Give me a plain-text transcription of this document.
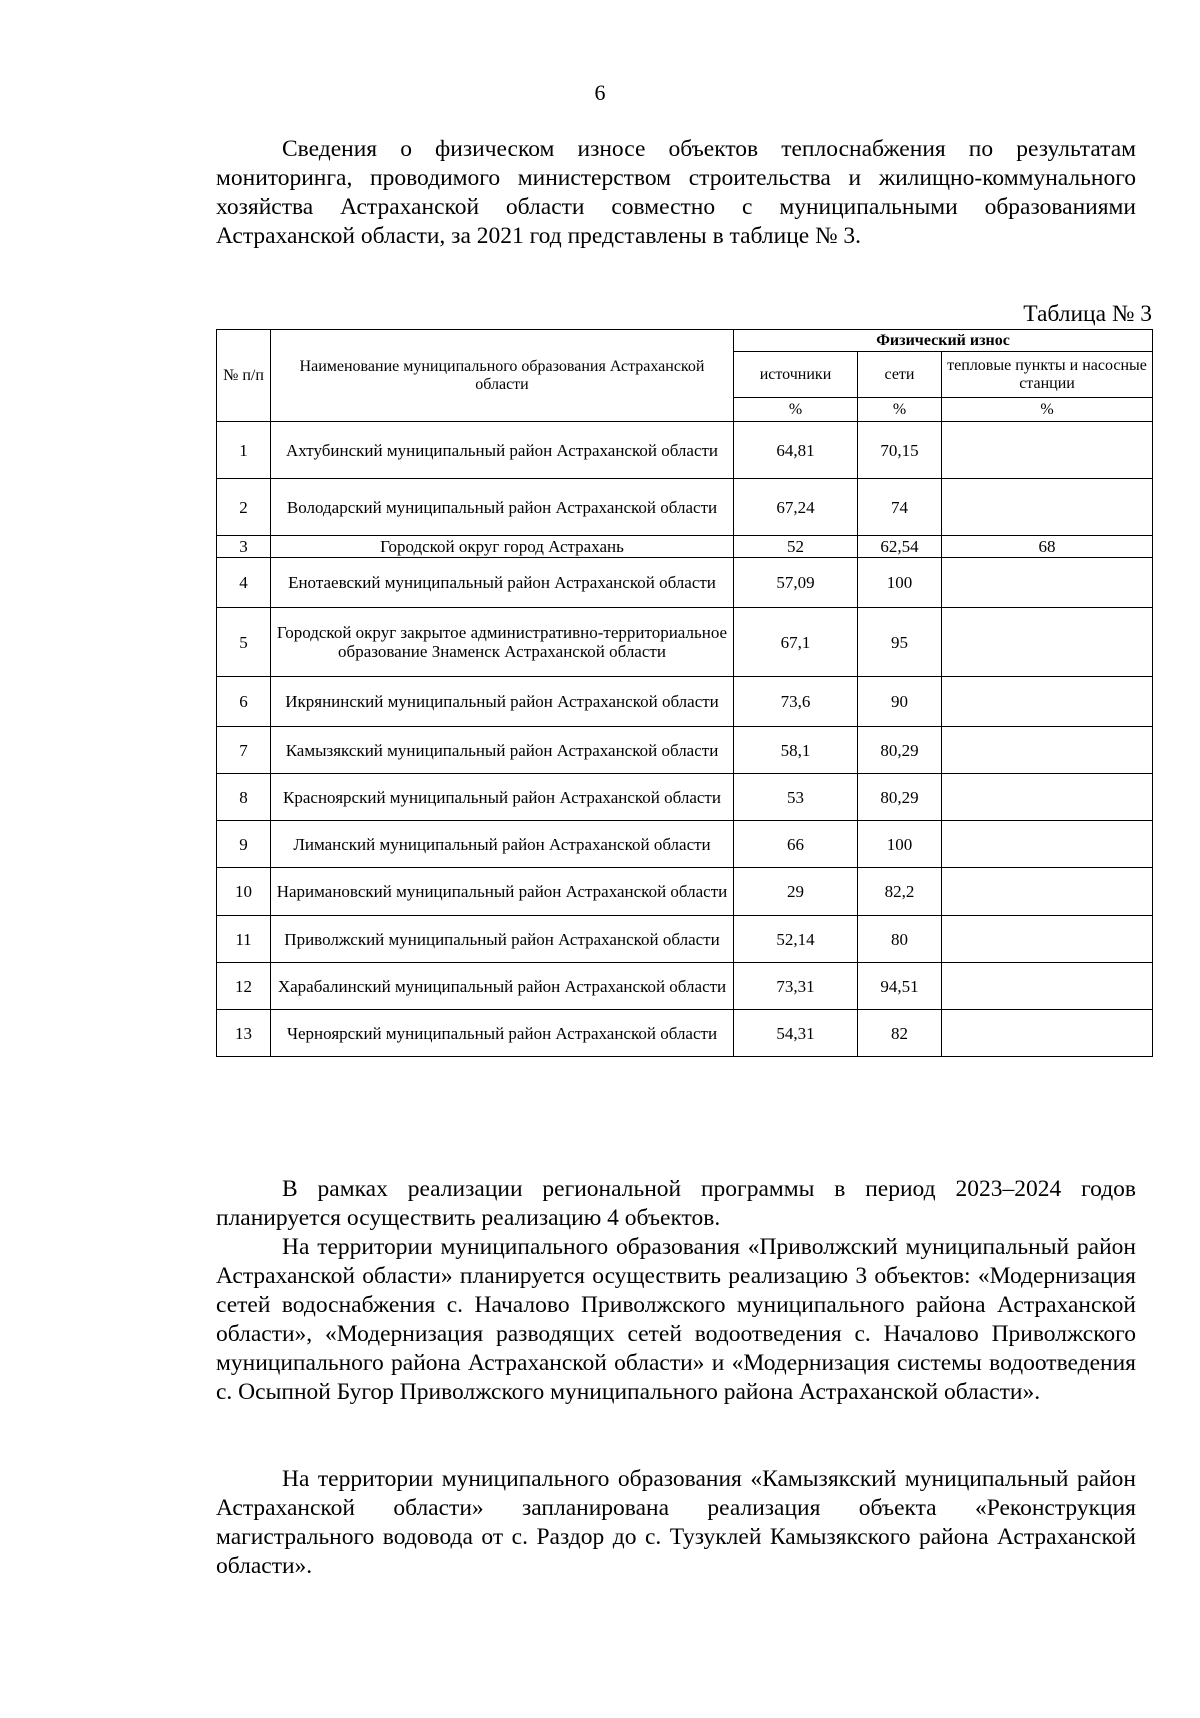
6

Сведения о физическом износе объектов теплоснабжения по результатам мониторинга, проводимого министерством строительства и жилищно-коммунального хозяйства Астраханской области совместно с муниципальными образованиями Астраханской области, за 2021 год представлены в таблице № 3.

Таблица № 3
№ п/п	Наименование муниципального образования Астраханской области	Физический износ		
		источники	сети	тепловые пункты и насосные станции
		%	%	%
1	Ахтубинский муниципальный район Астраханской области	64,81	70,15	
2	Володарский муниципальный район Астраханской области	67,24	74	
3	Городской округ город Астрахань	52	62,54	68
4	Енотаевский муниципальный район Астраханской области	57,09	100	
5	Городской округ закрытое административно-территориальное образование Знаменск Астраханской области	67,1	95	
6	Икрянинский муниципальный район Астраханской области	73,6	90	
7	Камызякский муниципальный район Астраханской области	58,1	80,29	
8	Красноярский муниципальный район Астраханской области	53	80,29	
9	Лиманский муниципальный район Астраханской области	66	100	
10	Наримановский муниципальный район Астраханской области	29	82,2	
11	Приволжский муниципальный район Астраханской области	52,14	80	
12	Харабалинский муниципальный район Астраханской области	73,31	94,51	
13	Черноярский муниципальный район Астраханской области	54,31	82	

В рамках реализации региональной программы в период 2023–2024 годов планируется осуществить реализацию 4 объектов.

На территории муниципального образования «Приволжский муниципальный район Астраханской области» планируется осуществить реализацию 3 объектов: «Модернизация сетей водоснабжения с. Началово Приволжского муниципального района Астраханской области», «Модернизация разводящих сетей водоотведения с. Началово Приволжского муниципального района Астраханской области» и «Модернизация системы водоотведения с. Осыпной Бугор Приволжского муниципального района Астраханской области».

На территории муниципального образования «Камызякский муниципальный район Астраханской области» запланирована реализация объекта «Реконструкция магистрального водовода от с. Раздор до с. Тузуклей Камызякского района Астраханской области».
